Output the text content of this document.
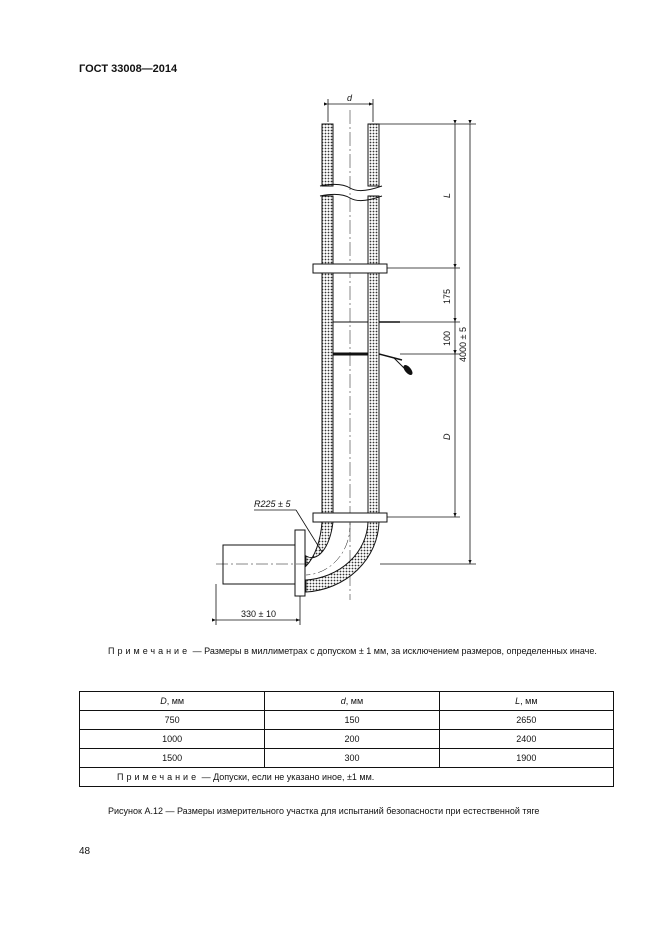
ГОСТ 33008—2014
d
L
175
100 4000 ± 5
D
R225 ± 5
330 ± 10
Примечание — Размеры в миллиметрах с допуском ± 1 мм, за исключением размеров, определенных иначе.
D, мм	d, мм	L, мм
750	150	2650
1000	200	2400
1500	300	1900
Примечание — Допуски, если не указано иное, ±1 мм.		
Рисунок А.12 — Размеры измерительного участка для испытаний безопасности при естественной тяге
48
